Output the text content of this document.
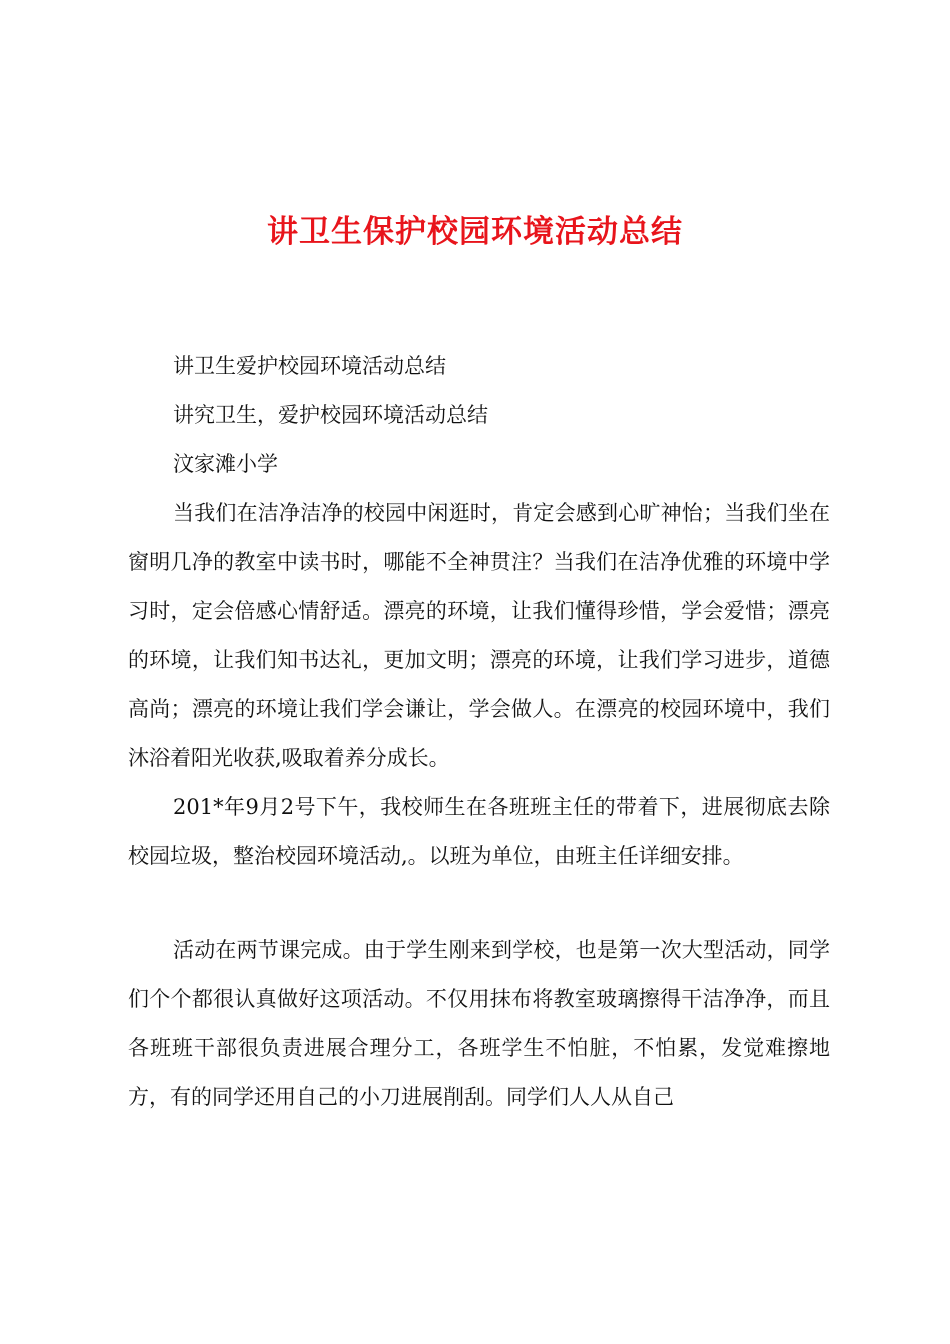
讲卫生保护校园环境活动总结

讲卫生爱护校园环境活动总结

讲究卫生，爱护校园环境活动总结

汶家滩小学

当我们在洁净洁净的校园中闲逛时，肯定会感到心旷神怡；当我们坐在窗明几净的教室中读书时，哪能不全神贯注？当我们在洁净优雅的环境中学习时，定会倍感心情舒适。漂亮的环境，让我们懂得珍惜，学会爱惜；漂亮的环境，让我们知书达礼，更加文明；漂亮的环境，让我们学习进步，道德高尚；漂亮的环境让我们学会谦让，学会做人。在漂亮的校园环境中，我们沐浴着阳光收获,吸取着养分成长。

201*年9月2号下午，我校师生在各班班主任的带着下，进展彻底去除校园垃圾，整治校园环境活动,。以班为单位，由班主任详细安排。

活动在两节课完成。由于学生刚来到学校，也是第一次大型活动，同学们个个都很认真做好这项活动。不仅用抹布将教室玻璃擦得干洁净净，而且各班班干部很负责进展合理分工，各班学生不怕脏，不怕累，发觉难擦地方，有的同学还用自己的小刀进展削刮。同学们人人从自己
